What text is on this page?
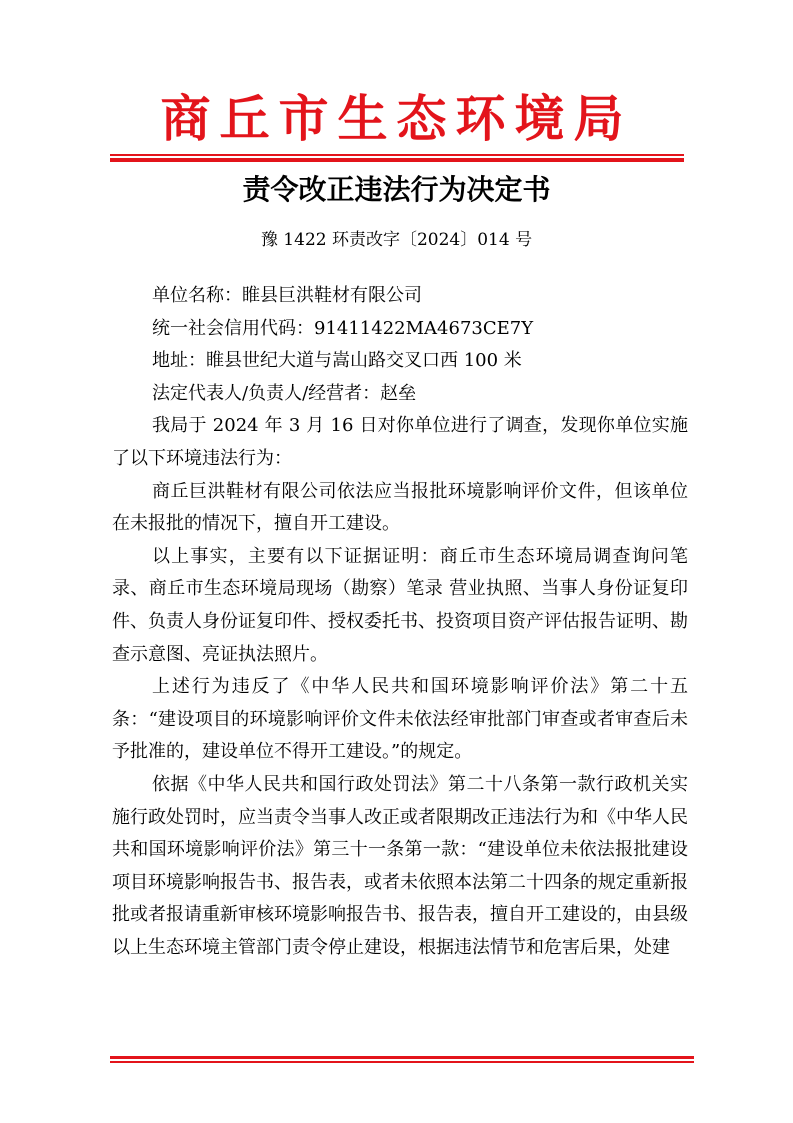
商丘市生态环境局
责令改正违法行为决定书
豫 1422 环责改字〔2024〕014 号

单位名称：睢县巨洪鞋材有限公司

统一社会信用代码：91411422MA4673CE7Y

地址：睢县世纪大道与嵩山路交叉口西 100 米

法定代表人/负责人/经营者：赵垒

我局于 2024 年 3 月 16 日对你单位进行了调查，发现你单位实施了以下环境违法行为：

商丘巨洪鞋材有限公司依法应当报批环境影响评价文件，但该单位在未报批的情况下，擅自开工建设。

以上事实，主要有以下证据证明：商丘市生态环境局调查询问笔录、商丘市生态环境局现场（勘察）笔录 营业执照、当事人身份证复印件、负责人身份证复印件、授权委托书、投资项目资产评估报告证明、勘查示意图、亮证执法照片。

上述行为违反了《中华人民共和国环境影响评价法》第二十五条：“建设项目的环境影响评价文件未依法经审批部门审查或者审查后未予批准的，建设单位不得开工建设。”的规定。

依据《中华人民共和国行政处罚法》第二十八条第一款行政机关实施行政处罚时，应当责令当事人改正或者限期改正违法行为和《中华人民共和国环境影响评价法》第三十一条第一款：“建设单位未依法报批建设项目环境影响报告书、报告表，或者未依照本法第二十四条的规定重新报批或者报请重新审核环境影响报告书、报告表，擅自开工建设的，由县级以上生态环境主管部门责令停止建设，根据违法情节和危害后果，处建
